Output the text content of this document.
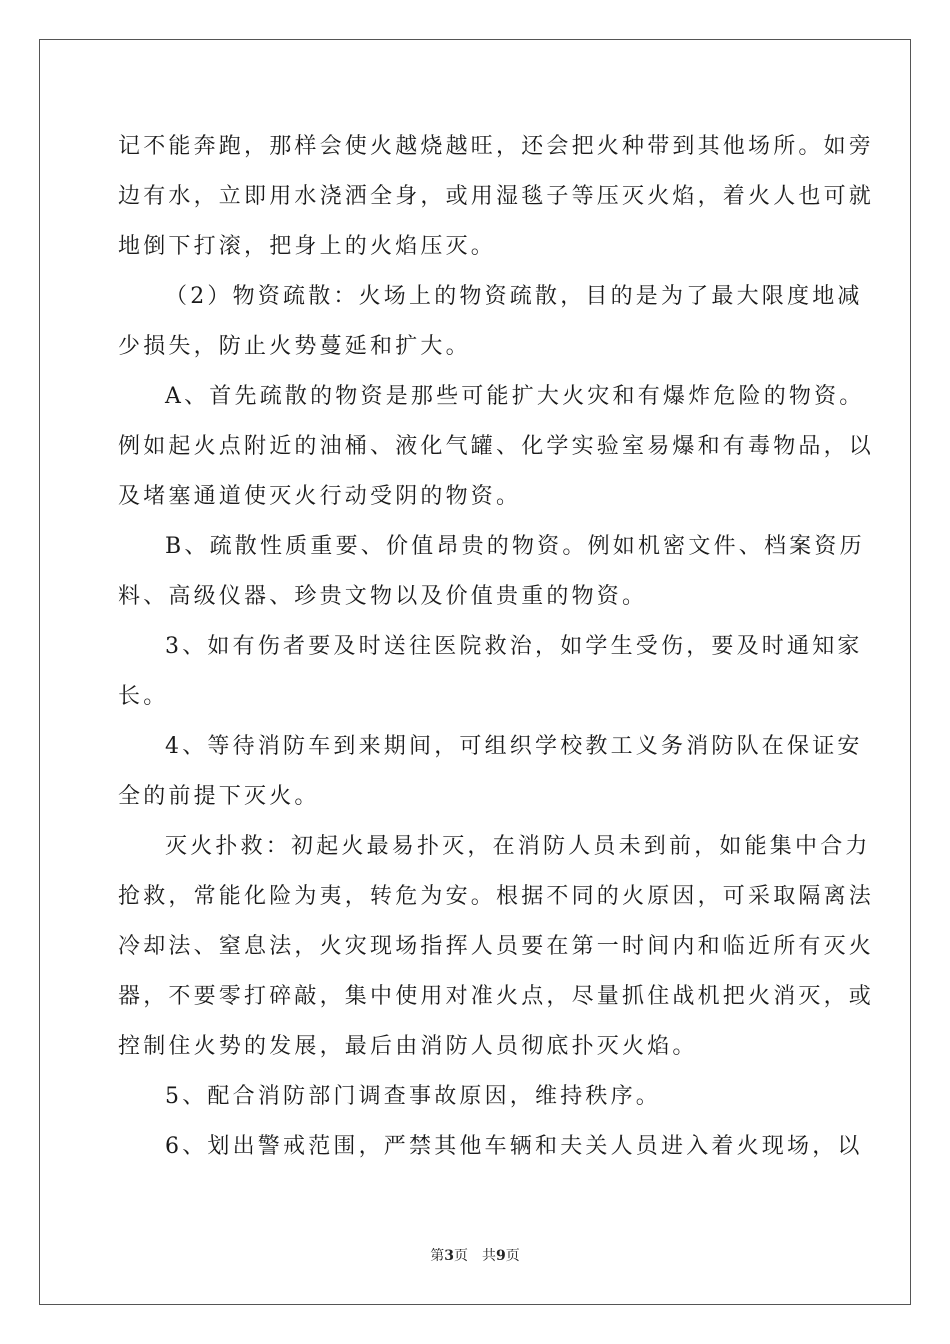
记不能奔跑，那样会使火越烧越旺，还会把火种带到其他场所。如旁
边有水，立即用水浇洒全身，或用湿毯子等压灭火焰，着火人也可就
地倒下打滚，把身上的火焰压灭。
（2）物资疏散：火场上的物资疏散，目的是为了最大限度地减
少损失，防止火势蔓延和扩大。
A、首先疏散的物资是那些可能扩大火灾和有爆炸危险的物资。
例如起火点附近的油桶、液化气罐、化学实验室易爆和有毒物品，以
及堵塞通道使灭火行动受阴的物资。
B、疏散性质重要、价值昂贵的物资。例如机密文件、档案资历
料、高级仪器、珍贵文物以及价值贵重的物资。
3、如有伤者要及时送往医院救治，如学生受伤，要及时通知家
长。
4、等待消防车到来期间，可组织学校教工义务消防队在保证安
全的前提下灭火。
灭火扑救：初起火最易扑灭，在消防人员未到前，如能集中合力
抢救，常能化险为夷，转危为安。根据不同的火原因，可采取隔离法
冷却法、窒息法，火灾现场指挥人员要在第一时间内和临近所有灭火
器，不要零打碎敲，集中使用对准火点，尽量抓住战机把火消灭，或
控制住火势的发展，最后由消防人员彻底扑灭火焰。
5、配合消防部门调查事故原因，维持秩序。
6、划出警戒范围，严禁其他车辆和夫关人员进入着火现场，以
第3页 共9页
